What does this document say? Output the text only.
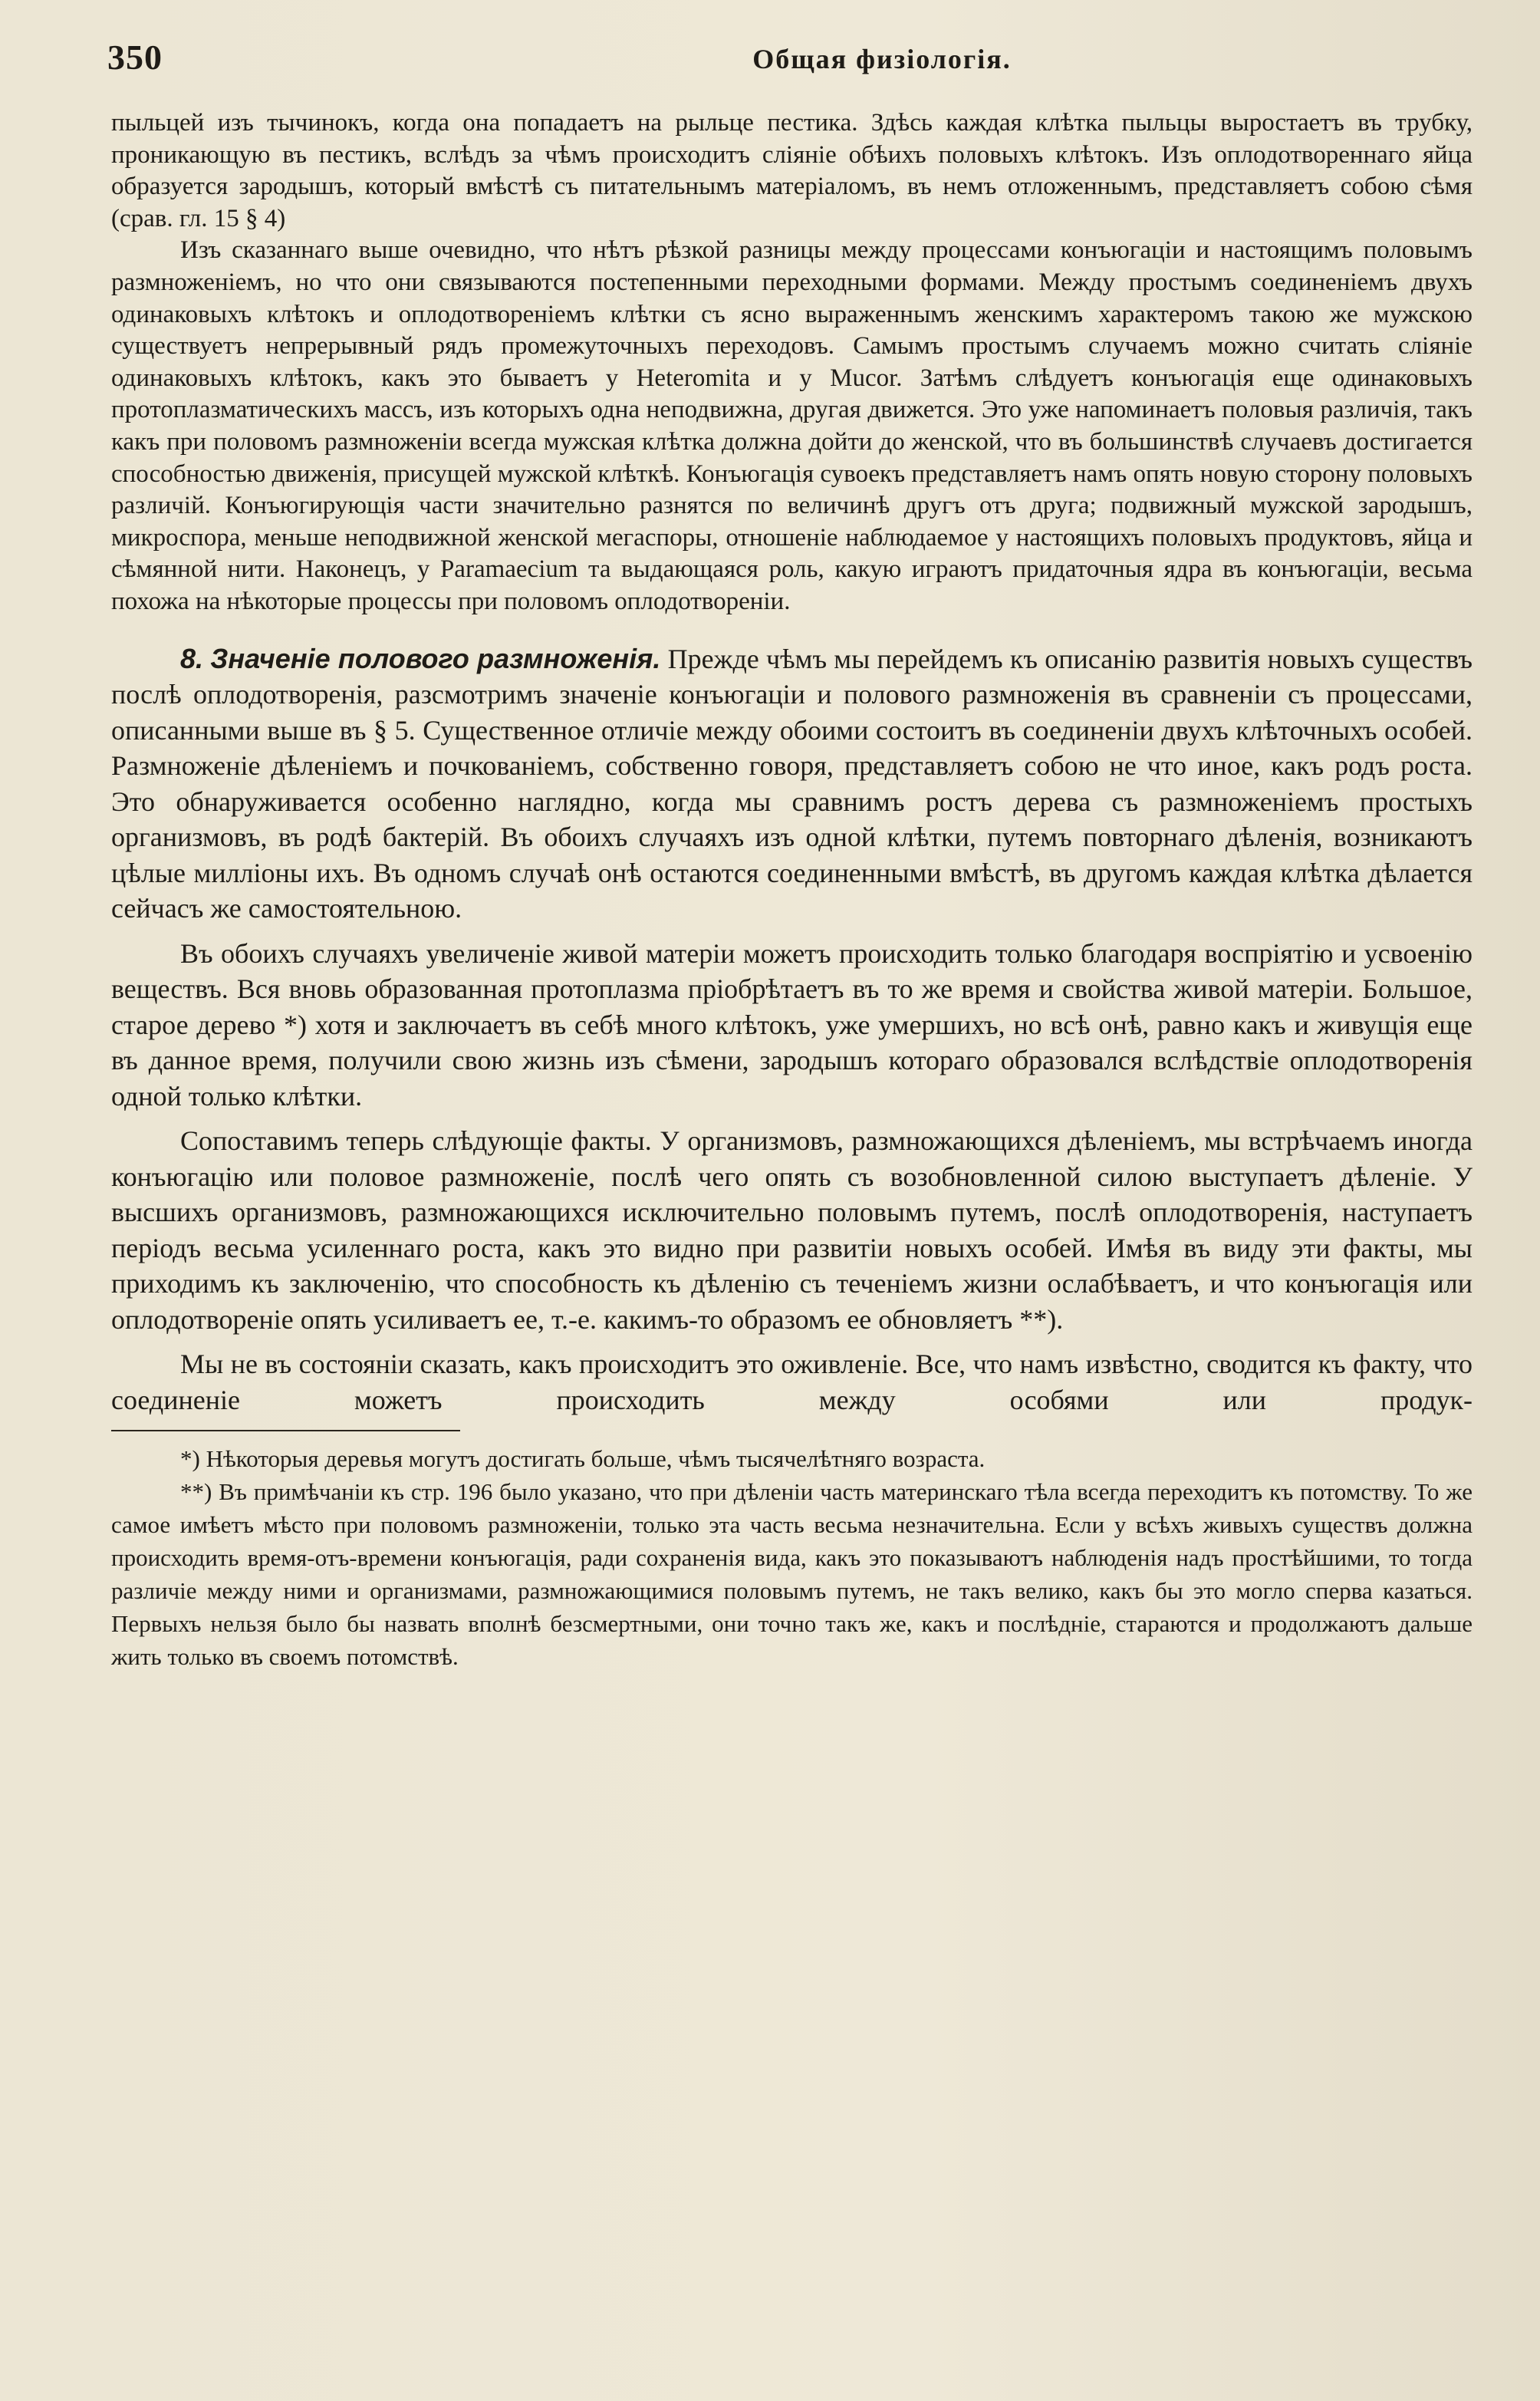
350	Общая физіологія.

пыльцей изъ тычинокъ, когда она попадаетъ на рыльце пестика. Здѣсь каждая клѣтка пыльцы выростаетъ въ трубку, проникающую въ пестикъ, вслѣдъ за чѣмъ происходитъ сліяніе обѣихъ половыхъ клѣтокъ. Изъ оплодотвореннаго яйца образуется зародышъ, который вмѣстѣ съ питательнымъ матеріаломъ, въ немъ отложеннымъ, представляетъ собою сѣмя (срав. гл. 15 § 4)

Изъ сказаннаго выше очевидно, что нѣтъ рѣзкой разницы между процессами конъюгаціи и настоящимъ половымъ размноженіемъ, но что они связываются постепенными переходными формами. Между простымъ соединеніемъ двухъ одинаковыхъ клѣтокъ и оплодотвореніемъ клѣтки съ ясно выраженнымъ женскимъ характеромъ такою же мужскою существуетъ непрерывный рядъ промежуточныхъ переходовъ. Самымъ простымъ случаемъ можно считать сліяніе одинаковыхъ клѣтокъ, какъ это бываетъ у Heteromita и у Mucor. Затѣмъ слѣдуетъ конъюгація еще одинаковыхъ протоплазматическихъ массъ, изъ которыхъ одна неподвижна, другая движется. Это уже напоминаетъ половыя различія, такъ какъ при половомъ размноженіи всегда мужская клѣтка должна дойти до женской, что въ большинствѣ случаевъ достигается способностью движенія, присущей мужской клѣткѣ. Конъюгація сувоекъ представляетъ намъ опять новую сторону половыхъ различій. Конъюгирующія части значительно разнятся по величинѣ другъ отъ друга; подвижный мужской зародышъ, микроспора, меньше неподвижной женской мегаспоры, отношеніе наблюдаемое у настоящихъ половыхъ продуктовъ, яйца и сѣмянной нити. Наконецъ, у Paramaecium та выдающаяся роль, какую играютъ придаточныя ядра въ конъюгаціи, весьма похожа на нѣкоторые процессы при половомъ оплодотвореніи.

8. Значеніе полового размноженія. Прежде чѣмъ мы перейдемъ къ описанію развитія новыхъ существъ послѣ оплодотворенія, разсмотримъ значеніе конъюгаціи и полового размноженія въ сравненіи съ процессами, описанными выше въ § 5. Существенное отличіе между обоими состоитъ въ соединеніи двухъ клѣточныхъ особей. Размноженіе дѣленіемъ и почкованіемъ, собственно говоря, представляетъ собою не что иное, какъ родъ роста. Это обнаруживается особенно наглядно, когда мы сравнимъ ростъ дерева съ размноженіемъ простыхъ организмовъ, въ родѣ бактерій. Въ обоихъ случаяхъ изъ одной клѣтки, путемъ повторнаго дѣленія, возникаютъ цѣлые милліоны ихъ. Въ одномъ случаѣ онѣ остаются соединенными вмѣстѣ, въ другомъ каждая клѣтка дѣлается сейчасъ же самостоятельною.

Въ обоихъ случаяхъ увеличеніе живой матеріи можетъ происходить только благодаря воспріятію и усвоенію веществъ. Вся вновь образованная протоплазма пріобрѣтаетъ въ то же время и свойства живой матеріи. Большое, старое дерево *) хотя и заключаетъ въ себѣ много клѣтокъ, уже умершихъ, но всѣ онѣ, равно какъ и живущія еще въ данное время, получили свою жизнь изъ сѣмени, зародышъ котораго образовался вслѣдствіе оплодотворенія одной только клѣтки.

Сопоставимъ теперь слѣдующіе факты. У организмовъ, размножающихся дѣленіемъ, мы встрѣчаемъ иногда конъюгацію или половое размноженіе, послѣ чего опять съ возобновленной силою выступаетъ дѣленіе. У высшихъ организмовъ, размножающихся исключительно половымъ путемъ, послѣ оплодотворенія, наступаетъ періодъ весьма усиленнаго роста, какъ это видно при развитіи новыхъ особей. Имѣя въ виду эти факты, мы приходимъ къ заключенію, что способность къ дѣленію съ теченіемъ жизни ослабѣваетъ, и что конъюгація или оплодотвореніе опять усиливаетъ ее, т.-е. какимъ-то образомъ ее обновляетъ **).

Мы не въ состояніи сказать, какъ происходитъ это оживленіе. Все, что намъ извѣстно, сводится къ факту, что соединеніе можетъ происходить между особями или продук-

*) Нѣкоторыя деревья могутъ достигать больше, чѣмъ тысячелѣтняго возраста.

**) Въ примѣчаніи къ стр. 196 было указано, что при дѣленіи часть материнскаго тѣла всегда переходитъ къ потомству. То же самое имѣетъ мѣсто при половомъ размноженіи, только эта часть весьма незначительна. Если у всѣхъ живыхъ существъ должна происходить время-отъ-времени конъюгація, ради сохраненія вида, какъ это показываютъ наблюденія надъ простѣйшими, то тогда различіе между ними и организмами, размножающимися половымъ путемъ, не такъ велико, какъ бы это могло сперва казаться. Первыхъ нельзя было бы назвать вполнѣ безсмертными, они точно такъ же, какъ и послѣдніе, стараются и продолжаютъ дальше жить только въ своемъ потомствѣ.
